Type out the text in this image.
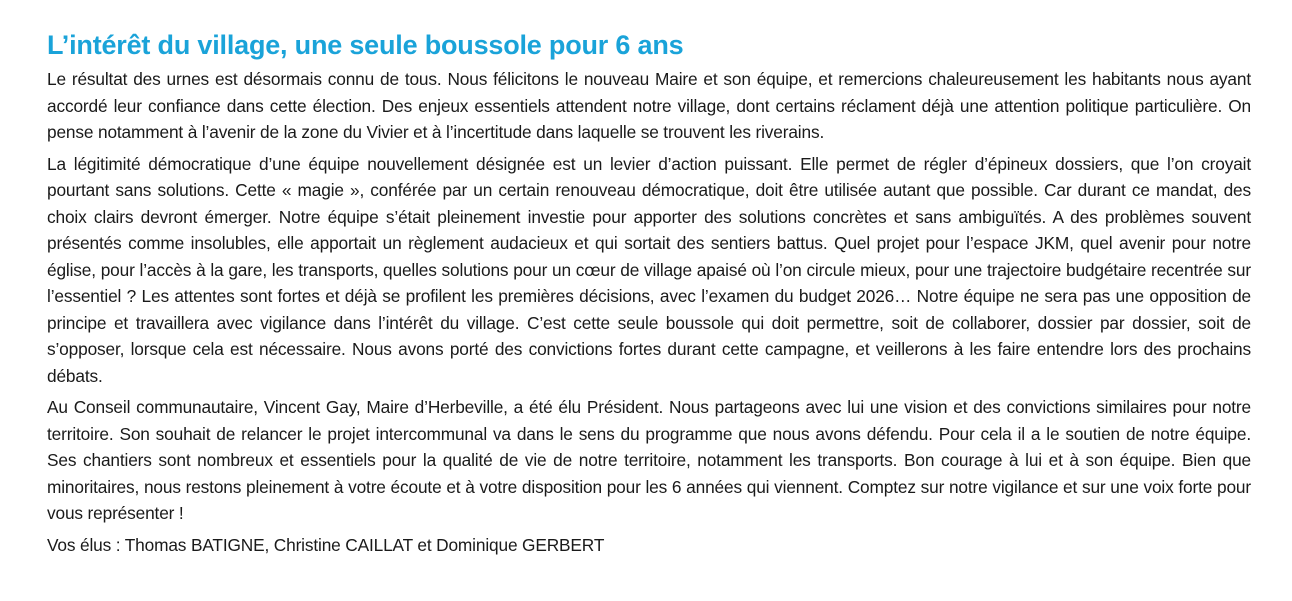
L’intérêt du village, une seule boussole pour 6 ans

Le résultat des urnes est désormais connu de tous. Nous félicitons le nouveau Maire et son équipe, et remercions chaleureusement les habitants nous ayant accordé leur confiance dans cette élection. Des enjeux essentiels attendent notre village, dont certains réclament déjà une attention politique particulière. On pense notamment à l’avenir de la zone du Vivier et à l’incertitude dans laquelle se trouvent les riverains.

La légitimité démocratique d’une équipe nouvellement désignée est un levier d’action puissant. Elle permet de régler d’épineux dossiers, que l’on croyait pourtant sans solutions. Cette « magie », conférée par un certain renouveau démocratique, doit être utilisée autant que possible. Car durant ce mandat, des choix clairs devront émerger. Notre équipe s’était pleinement investie pour apporter des solutions concrètes et sans ambiguïtés. A des problèmes souvent présentés comme insolubles, elle apportait un règlement audacieux et qui sortait des sentiers battus. Quel projet pour l’espace JKM, quel avenir pour notre église, pour l’accès à la gare, les transports, quelles solutions pour un cœur de village apaisé où l’on circule mieux, pour une trajectoire budgétaire recentrée sur l’essentiel ? Les attentes sont fortes et déjà se profilent les premières décisions, avec l’examen du budget 2026… Notre équipe ne sera pas une opposition de principe et travaillera avec vigilance dans l’intérêt du village. C’est cette seule boussole qui doit permettre, soit de collaborer, dossier par dossier, soit de s’opposer, lorsque cela est nécessaire. Nous avons porté des convictions fortes durant cette campagne, et veillerons à les faire entendre lors des prochains débats.

Au Conseil communautaire, Vincent Gay, Maire d’Herbeville, a été élu Président. Nous partageons avec lui une vision et des convictions similaires pour notre territoire. Son souhait de relancer le projet intercommunal va dans le sens du programme que nous avons défendu. Pour cela il a le soutien de notre équipe. Ses chantiers sont nombreux et essentiels pour la qualité de vie de notre territoire, notamment les transports. Bon courage à lui et à son équipe. Bien que minoritaires, nous restons pleinement à votre écoute et à votre disposition pour les 6 années qui viennent. Comptez sur notre vigilance et sur une voix forte pour vous représenter !

Vos élus : Thomas BATIGNE, Christine CAILLAT et Dominique GERBERT
